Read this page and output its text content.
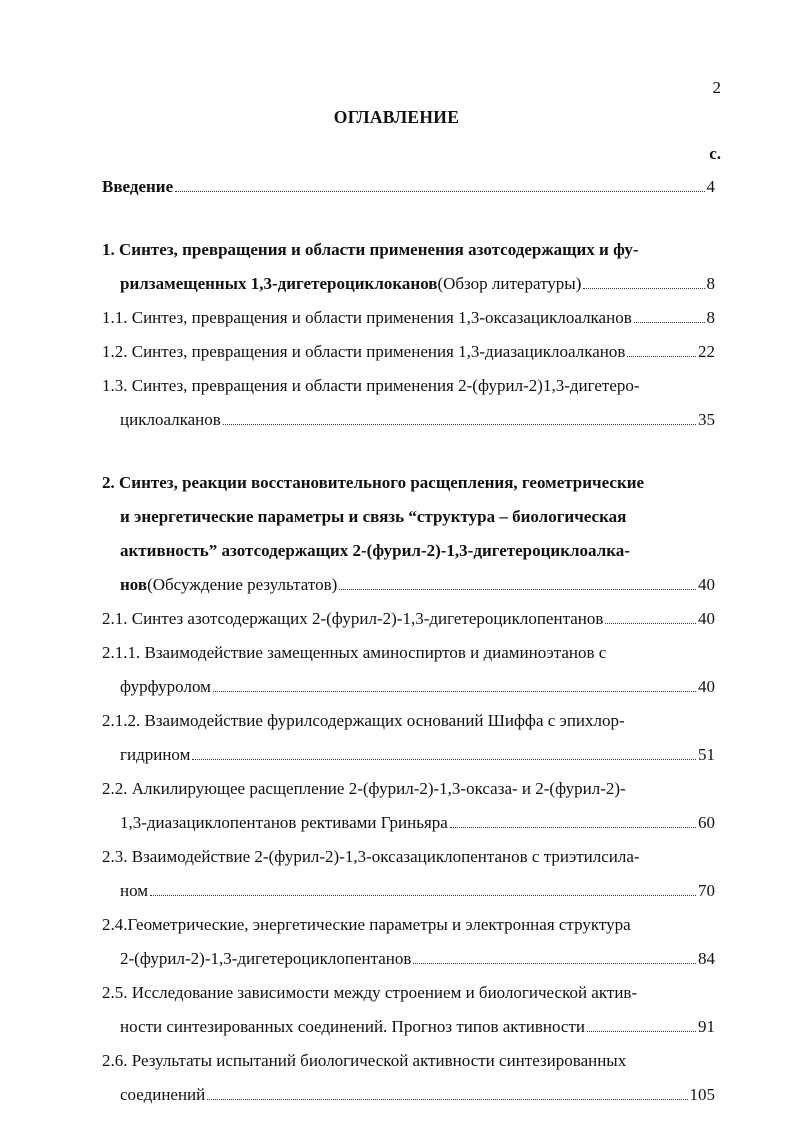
2
ОГЛАВЛЕНИЕ
с.
Введение	4
1. Синтез, превращения и области применения азотсодержащих и фу-
рилзамещенных 1,3-дигетероциклоканов (Обзор литературы)	8
1.1. Синтез, превращения и области применения 1,3-оксазациклоалканов	8
1.2. Синтез, превращения и области применения 1,3-диазациклоалканов	22
1.3. Синтез, превращения и области применения 2-(фурил-2)1,3-дигетеро-
циклоалканов	35
2. Синтез, реакции восстановительного расщепления, геометрические
и энергетические параметры и связь “структура – биологическая
активность” азотсодержащих 2-(фурил-2)-1,3-дигетероциклоалка-
нов (Обсуждение результатов)	40
2.1. Синтез азотсодержащих 2-(фурил-2)-1,3-дигетероциклопентанов	40
2.1.1. Взаимодействие замещенных аминоспиртов и диаминоэтанов с
фурфуролом	40
2.1.2. Взаимодействие фурилсодержащих оснований Шиффа с эпихлор-
гидрином	51
2.2. Алкилирующее расщепление 2-(фурил-2)-1,3-оксаза- и 2-(фурил-2)-
1,3-диазациклопентанов рективами Гриньяра	60
2.3. Взаимодействие 2-(фурил-2)-1,3-оксазациклопентанов с триэтилсила-
ном	70
2.4.Геометрические, энергетические параметры и электронная структура
2-(фурил-2)-1,3-дигетероциклопентанов	84
2.5. Исследование зависимости между строением и биологической актив-
ности синтезированных соединений. Прогноз типов активности	91
2.6. Результаты испытаний биологической активности синтезированных
соединений	105
